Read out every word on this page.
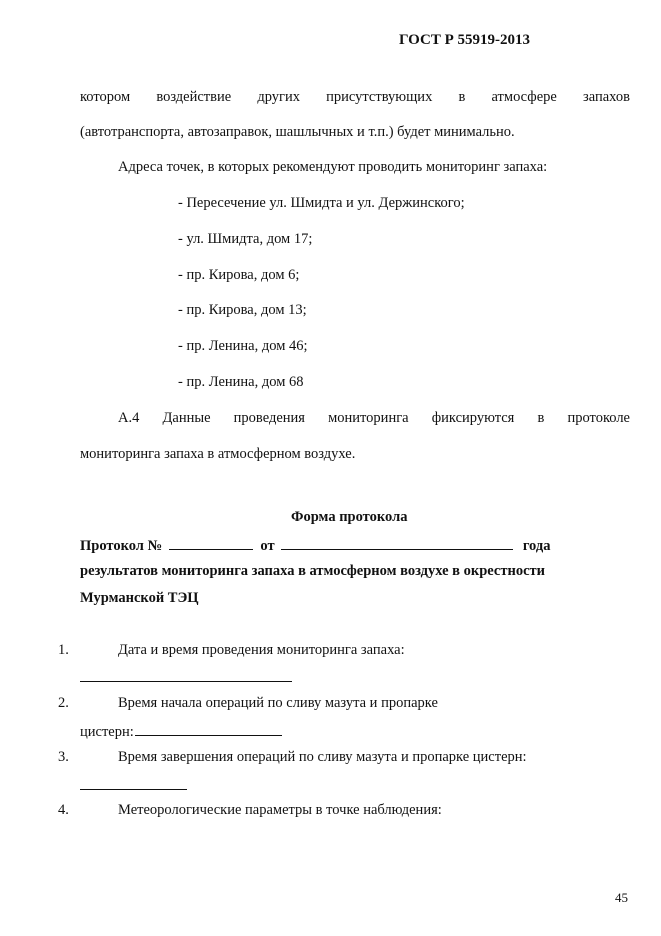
ГОСТ Р 55919-2013
котором воздействие других присутствующих в атмосфере запахов
(автотранспорта, автозаправок, шашлычных и т.п.) будет минимально.
Адреса точек, в которых рекомендуют проводить мониторинг запаха:
- Пересечение ул. Шмидта и ул. Держинского;
- ул. Шмидта, дом 17;
- пр. Кирова, дом 6;
- пр. Кирова, дом 13;
- пр. Ленина, дом 46;
- пр. Ленина, дом 68
А.4 Данные проведения мониторинга фиксируются в протоколе
мониторинга запаха в атмосферном воздухе.
Форма протокола
Протокол №	от	года
результатов мониторинга запаха в атмосферном воздухе в окрестности
Мурманской ТЭЦ
1.	Дата и время проведения мониторинга запаха:
2.	Время начала операций по сливу мазута и пропарке
цистерн:
3.	Время завершения операций по сливу мазута и пропарке цистерн:
4.	Метеорологические параметры в точке наблюдения:
45
